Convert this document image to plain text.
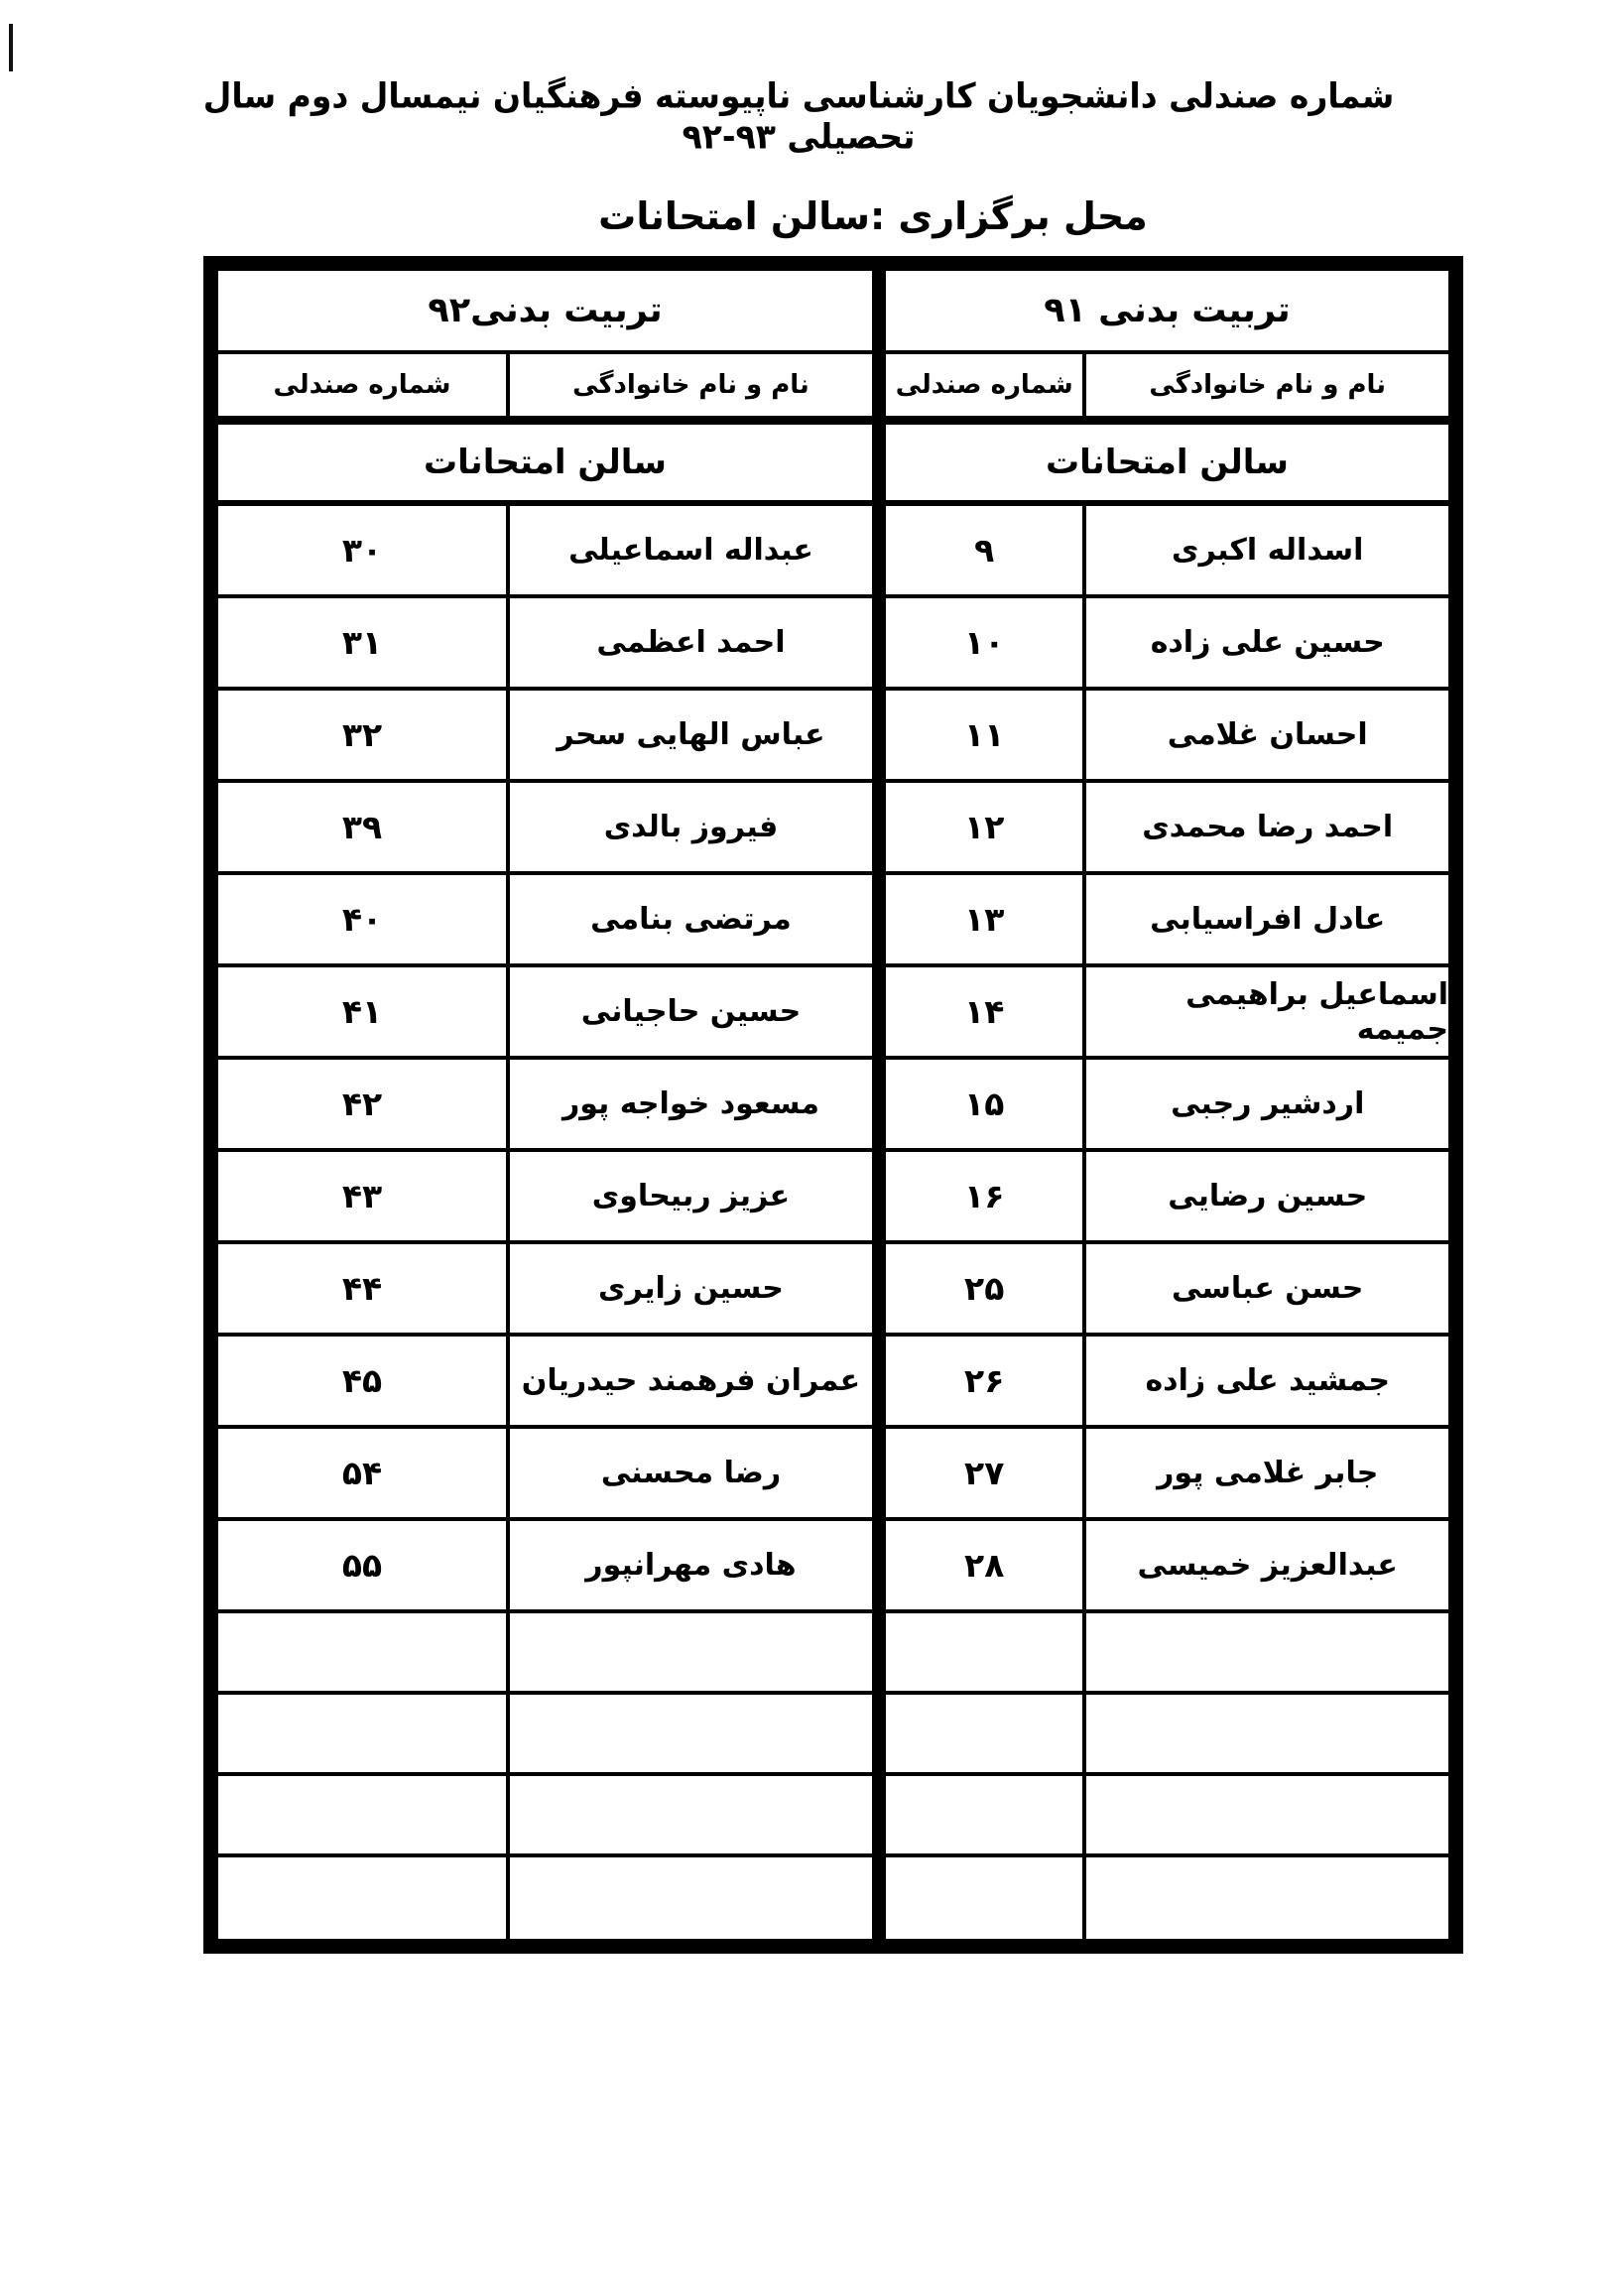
شماره صندلی دانشجویان کارشناسی ناپیوسته فرهنگیان نیمسال دوم سال تحصیلی ۹۳-۹۲
محل برگزاری :سالن امتحانات
تربیت بدنی ۹۱
نام و نام خانوادگی
شماره صندلی
سالن امتحانات
اسداله اکبری
۹
حسین علی زاده
۱۰
احسان غلامی
۱۱
احمد رضا محمدی
۱۲
عادل افراسیابی
۱۳
اسماعیل براهیمی جمیمه
۱۴
اردشیر رجبی
۱۵
حسین رضایی
۱۶
حسن عباسی
۲۵
جمشید علی زاده
۲۶
جابر غلامی پور
۲۷
عبدالعزیز خمیسی
۲۸
تربیت بدنی۹۲
نام و نام خانوادگی
شماره صندلی
سالن امتحانات
عبداله اسماعیلی
۳۰
احمد اعظمی
۳۱
عباس الهایی سحر
۳۲
فیروز بالدی
۳۹
مرتضی بنامی
۴۰
حسین حاجیانی
۴۱
مسعود خواجه پور
۴۲
عزیز ربیحاوی
۴۳
حسین زایری
۴۴
عمران فرهمند حیدریان
۴۵
رضا محسنی
۵۴
هادی مهرانپور
۵۵
